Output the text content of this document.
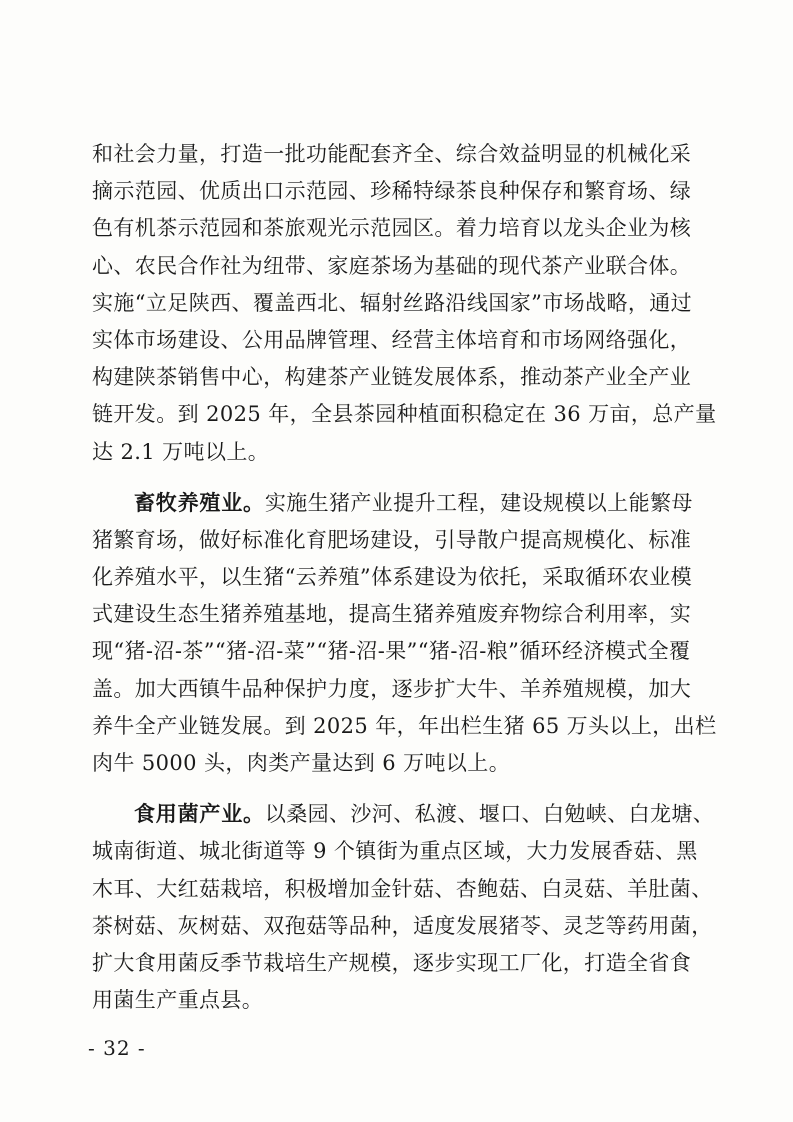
和社会力量，打造一批功能配套齐全、综合效益明显的机械化采
摘示范园、优质出口示范园、珍稀特绿茶良种保存和繁育场、绿
色有机茶示范园和茶旅观光示范园区。着力培育以龙头企业为核
心、农民合作社为纽带、家庭茶场为基础的现代茶产业联合体。
实施“立足陕西、覆盖西北、辐射丝路沿线国家”市场战略，通过
实体市场建设、公用品牌管理、经营主体培育和市场网络强化，
构建陕茶销售中心，构建茶产业链发展体系，推动茶产业全产业
链开发。到 2025 年，全县茶园种植面积稳定在 36 万亩，总产量
达 2.1 万吨以上。
畜牧养殖业。实施生猪产业提升工程，建设规模以上能繁母
猪繁育场，做好标准化育肥场建设，引导散户提高规模化、标准
化养殖水平，以生猪“云养殖”体系建设为依托，采取循环农业模
式建设生态生猪养殖基地，提高生猪养殖废弃物综合利用率，实
现“猪-沼-茶”“猪-沼-菜”“猪-沼-果”“猪-沼-粮”循环经济模式全覆
盖。加大西镇牛品种保护力度，逐步扩大牛、羊养殖规模，加大
养牛全产业链发展。到 2025 年，年出栏生猪 65 万头以上，出栏
肉牛 5000 头，肉类产量达到 6 万吨以上。
食用菌产业。以桑园、沙河、私渡、堰口、白勉峡、白龙塘、
城南街道、城北街道等 9 个镇街为重点区域，大力发展香菇、黑
木耳、大红菇栽培，积极增加金针菇、杏鲍菇、白灵菇、羊肚菌、
茶树菇、灰树菇、双孢菇等品种，适度发展猪苓、灵芝等药用菌，
扩大食用菌反季节栽培生产规模，逐步实现工厂化，打造全省食
用菌生产重点县。
- 32 -
